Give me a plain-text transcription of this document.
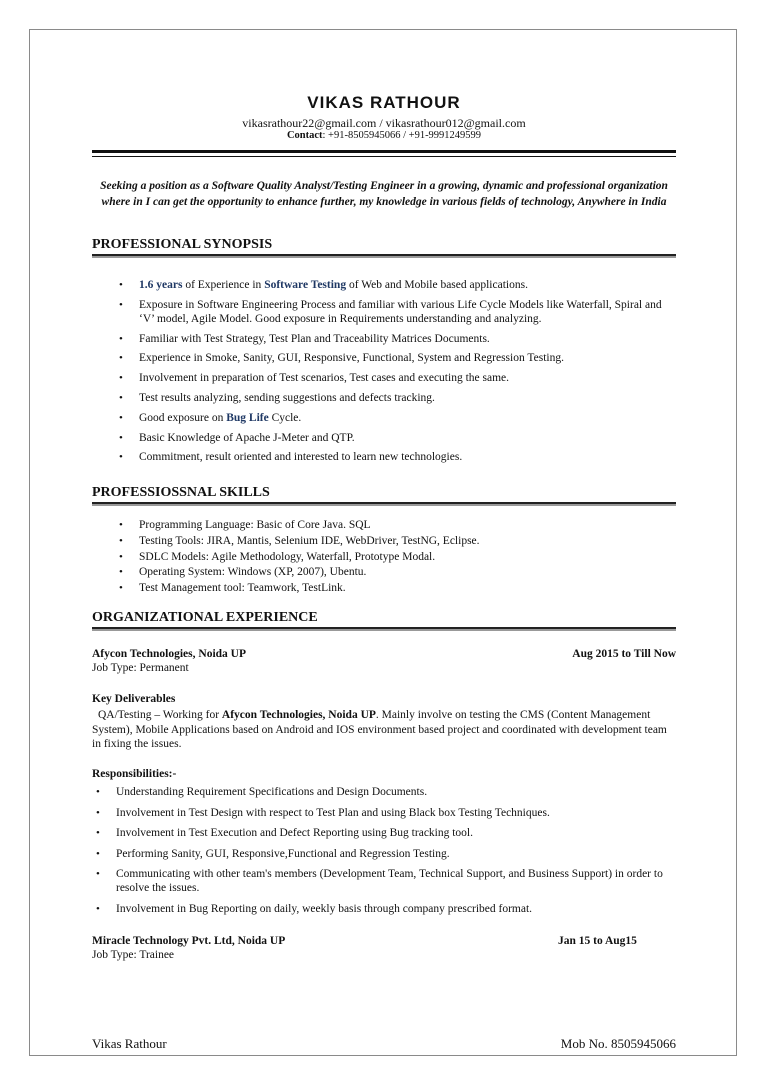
VIKAS RATHOUR
vikasrathour22@gmail.com / vikasrathour012@gmail.com
Contact: +91-8505945066 / +91-9991249599
Seeking a position as a Software Quality Analyst/Testing Engineer in a growing, dynamic and professional organization where in I can get the opportunity to enhance further, my knowledge in various fields of technology, Anywhere in India
PROFESSIONAL SYNOPSIS
• 1.6 years of Experience in Software Testing of Web and Mobile based applications.
• Exposure in Software Engineering Process and familiar with various Life Cycle Models like Waterfall, Spiral and ‘V’ model, Agile Model. Good exposure in Requirements understanding and analyzing.
• Familiar with Test Strategy, Test Plan and Traceability Matrices Documents.
• Experience in Smoke, Sanity, GUI, Responsive, Functional, System and Regression Testing.
• Involvement in preparation of Test scenarios, Test cases and executing the same.
• Test results analyzing, sending suggestions and defects tracking.
• Good exposure on Bug Life Cycle.
• Basic Knowledge of Apache J-Meter and QTP.
• Commitment, result oriented and interested to learn new technologies.
PROFESSIOSSNAL SKILLS
• Programming Language: Basic of Core Java. SQL
• Testing Tools: JIRA, Mantis, Selenium IDE, WebDriver, TestNG, Eclipse.
• SDLC Models: Agile Methodology, Waterfall, Prototype Modal.
• Operating System: Windows (XP, 2007), Ubentu.
• Test Management tool: Teamwork, TestLink.
ORGANIZATIONAL EXPERIENCE
Afycon Technologies, Noida UP	Aug 2015 to Till Now
Job Type: Permanent
Key Deliverables
QA/Testing – Working for Afycon Technologies, Noida UP. Mainly involve on testing the CMS (Content Management System), Mobile Applications based on Android and IOS environment based project and coordinated with development team in fixing the issues.
Responsibilities:-
• Understanding Requirement Specifications and Design Documents.
• Involvement in Test Design with respect to Test Plan and using Black box Testing Techniques.
• Involvement in Test Execution and Defect Reporting using Bug tracking tool.
• Performing Sanity, GUI, Responsive,Functional and Regression Testing.
• Communicating with other team's members (Development Team, Technical Support, and Business Support) in order to resolve the issues.
• Involvement in Bug Reporting on daily, weekly basis through company prescribed format.
Miracle Technology Pvt. Ltd, Noida UP	Jan 15 to Aug15
Job Type: Trainee
Vikas Rathour	Mob No. 8505945066
